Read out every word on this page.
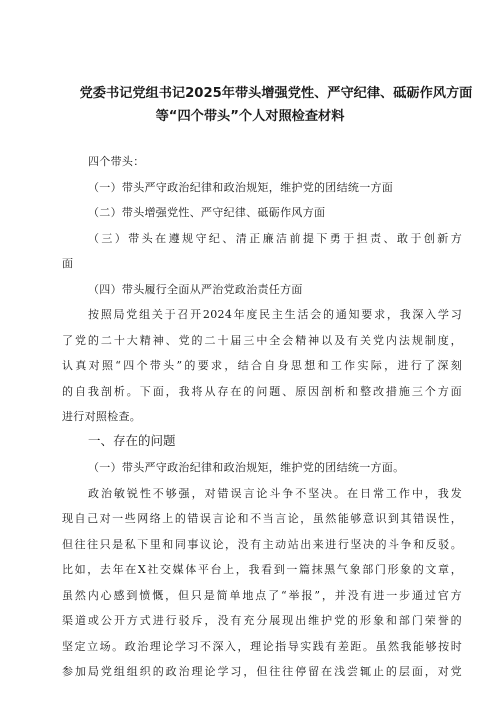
党委书记党组书记2025年带头增强党性、严守纪律、砥砺作风方面
等“四个带头”个人对照检查材料
四个带头：
（一）带头严守政治纪律和政治规矩，维护党的团结统一方面
（二）带头增强党性、严守纪律、砥砺作风方面
（三）带头在遵规守纪、清正廉洁前提下勇于担责、敢于创新方
面
（四）带头履行全面从严治党政治责任方面
按照局党组关于召开2024年度民主生活会的通知要求，我深入学习
了党的二十大精神、党的二十届三中全会精神以及有关党内法规制度，
认真对照“四个带头”的要求，结合自身思想和工作实际，进行了深刻
的自我剖析。下面，我将从存在的问题、原因剖析和整改措施三个方面
进行对照检查。
一、存在的问题
（一）带头严守政治纪律和政治规矩，维护党的团结统一方面。
政治敏锐性不够强，对错误言论斗争不坚决。在日常工作中，我发
现自己对一些网络上的错误言论和不当言论，虽然能够意识到其错误性，
但往往只是私下里和同事议论，没有主动站出来进行坚决的斗争和反驳。
比如，去年在X社交媒体平台上，我看到一篇抹黑气象部门形象的文章，
虽然内心感到愤慨，但只是简单地点了“举报”，并没有进一步通过官方
渠道或公开方式进行驳斥，没有充分展现出维护党的形象和部门荣誉的
坚定立场。政治理论学习不深入，理论指导实践有差距。虽然我能够按时
参加局党组组织的政治理论学习，但往往停留在浅尝辄止的层面，对党
